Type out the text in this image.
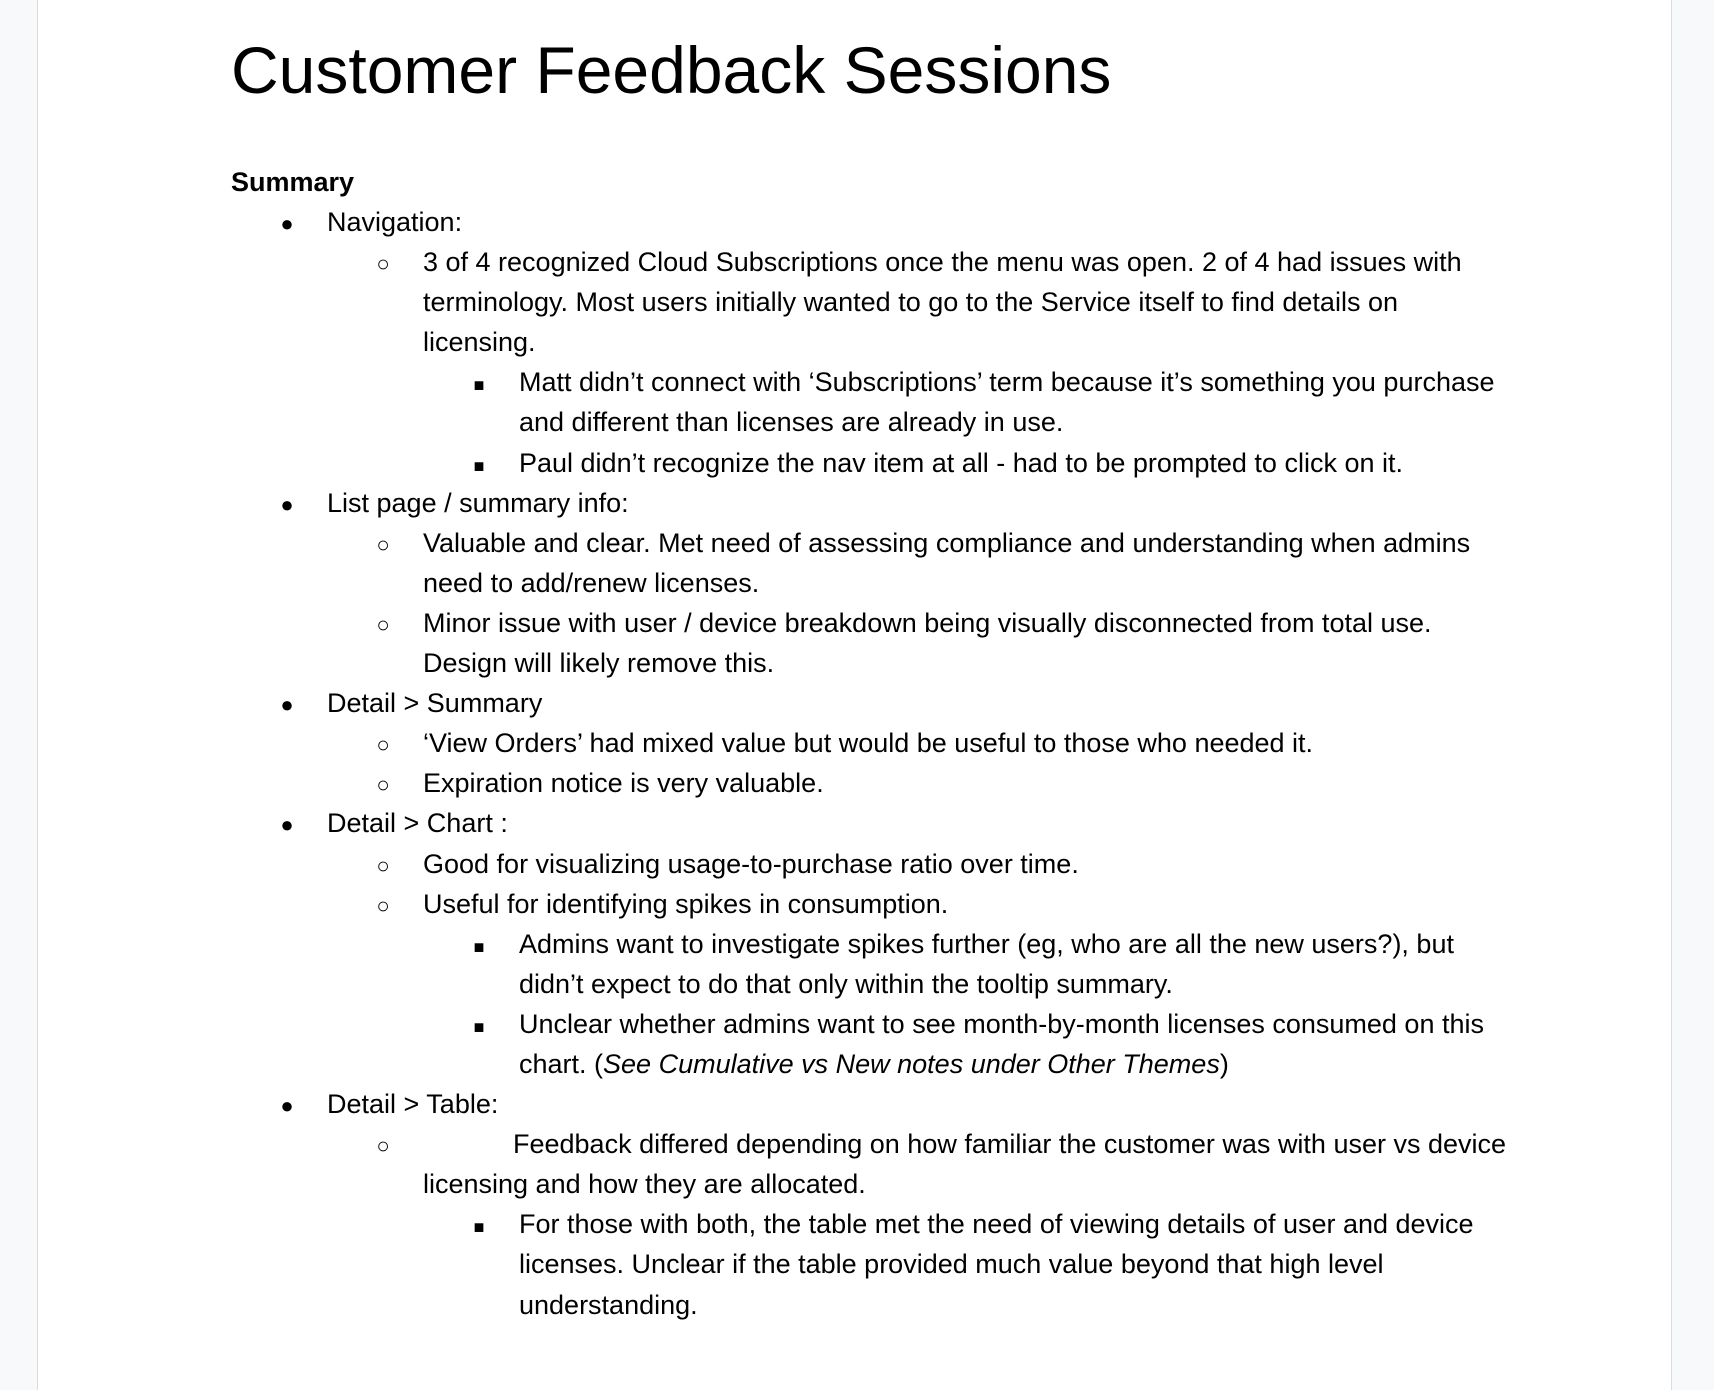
Customer Feedback Sessions
Summary
●
Navigation:
○
3 of 4 recognized Cloud Subscriptions once the menu was open. 2 of 4 had issues with terminology. Most users initially wanted to go to the Service itself to find details on licensing.
■
Matt didn’t connect with ‘Subscriptions’ term because it’s something you purchase and different than licenses are already in use.
■
Paul didn’t recognize the nav item at all - had to be prompted to click on it.
●
List page / summary info:
○
Valuable and clear. Met need of assessing compliance and understanding when admins need to add/renew licenses.
○
Minor issue with user / device breakdown being visually disconnected from total use. Design will likely remove this.
●
Detail > Summary
○
‘View Orders’ had mixed value but would be useful to those who needed it.
○
Expiration notice is very valuable.
●
Detail > Chart :
○
Good for visualizing usage-to-purchase ratio over time.
○
Useful for identifying spikes in consumption.
■
Admins want to investigate spikes further (eg, who are all the new users?), but didn’t expect to do that only within the tooltip summary.
■
Unclear whether admins want to see month-by-month licenses consumed on this chart. (See Cumulative vs New notes under Other Themes)
●
Detail > Table:
○
Feedback differed depending on how familiar the customer was with user vs device licensing and how they are allocated.
■
For those with both, the table met the need of viewing details of user and device licenses. Unclear if the table provided much value beyond that high level understanding.
